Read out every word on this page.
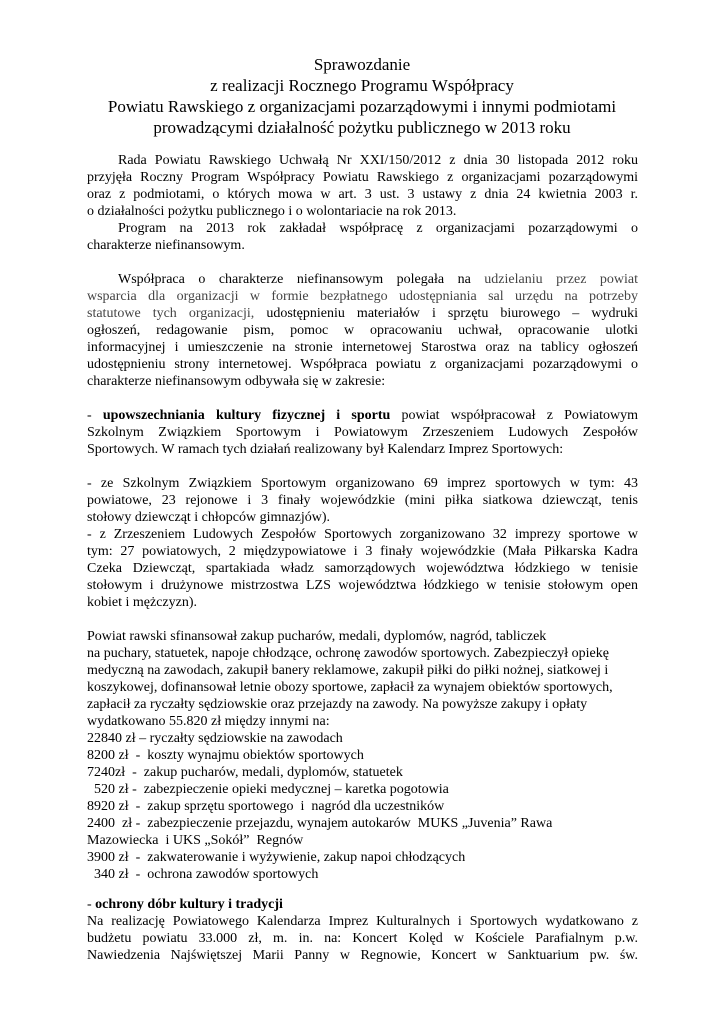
Sprawozdanie
z realizacji Rocznego Programu Współpracy
Powiatu Rawskiego z organizacjami pozarządowymi i innymi podmiotami
prowadzącymi działalność pożytku publicznego w 2013 roku

Rada Powiatu Rawskiego Uchwałą Nr XXI/150/2012 z dnia 30 listopada 2012 roku

przyjęła Roczny Program Współpracy Powiatu Rawskiego z organizacjami pozarządowymi

oraz z podmiotami, o których mowa w art. 3 ust. 3 ustawy z dnia 24 kwietnia 2003 r.

o działalności pożytku publicznego i o wolontariacie na rok 2013.

Program na 2013 rok zakładał współpracę z organizacjami pozarządowymi o

charakterze niefinansowym.

Współpraca o charakterze niefinansowym polegała na udzielaniu przez powiat

wsparcia dla organizacji w formie bezpłatnego udostępniania sal urzędu na potrzeby

statutowe tych organizacji, udostępnieniu materiałów i sprzętu biurowego – wydruki

ogłoszeń, redagowanie pism, pomoc w opracowaniu uchwał, opracowanie ulotki

informacyjnej i umieszczenie na stronie internetowej Starostwa oraz na tablicy ogłoszeń

udostępnieniu strony internetowej. Współpraca powiatu z organizacjami pozarządowymi o

charakterze niefinansowym odbywała się w zakresie:

- upowszechniania kultury fizycznej i sportu powiat współpracował z Powiatowym

Szkolnym Związkiem Sportowym i Powiatowym Zrzeszeniem Ludowych Zespołów

Sportowych. W ramach tych działań realizowany był Kalendarz Imprez Sportowych:

- ze Szkolnym Związkiem Sportowym organizowano 69 imprez sportowych w tym: 43

powiatowe, 23 rejonowe i 3 finały wojewódzkie (mini piłka siatkowa dziewcząt, tenis

stołowy dziewcząt i chłopców gimnazjów).

- z Zrzeszeniem Ludowych Zespołów Sportowych zorganizowano 32 imprezy sportowe w

tym: 27 powiatowych, 2 międzypowiatowe i 3 finały wojewódzkie (Mała Piłkarska Kadra

Czeka Dziewcząt, spartakiada władz samorządowych województwa łódzkiego w tenisie

stołowym i drużynowe mistrzostwa LZS województwa łódzkiego w tenisie stołowym open

kobiet i mężczyzn).

Powiat rawski sfinansował zakup pucharów, medali, dyplomów, nagród, tabliczek

na puchary, statuetek, napoje chłodzące, ochronę zawodów sportowych. Zabezpieczył opiekę

medyczną na zawodach, zakupił banery reklamowe, zakupił piłki do piłki nożnej, siatkowej i

koszykowej, dofinansował letnie obozy sportowe, zapłacił za wynajem obiektów sportowych,

zapłacił za ryczałty sędziowskie oraz przejazdy na zawody. Na powyższe zakupy i opłaty

wydatkowano 55.820 zł między innymi na:

22840 zł – ryczałty sędziowskie na zawodach

8200 zł  -  koszty wynajmu obiektów sportowych

7240zł  -  zakup pucharów, medali, dyplomów, statuetek

520 zł -  zabezpieczenie opieki medycznej – karetka pogotowia

8920 zł  -  zakup sprzętu sportowego  i  nagród dla uczestników

2400  zł -  zabezpieczenie przejazdu, wynajem autokarów  MUKS „Juvenia” Rawa

Mazowiecka  i UKS „Sokół”  Regnów

3900 zł  -  zakwaterowanie i wyżywienie, zakup napoi chłodzących

340 zł  -  ochrona zawodów sportowych

- ochrony dóbr kultury i tradycji

Na realizację Powiatowego Kalendarza Imprez Kulturalnych i Sportowych wydatkowano z

budżetu powiatu 33.000 zł, m. in. na: Koncert Kolęd w Kościele Parafialnym p.w.

Nawiedzenia Najświętszej Marii Panny w Regnowie, Koncert w Sanktuarium pw. św.
